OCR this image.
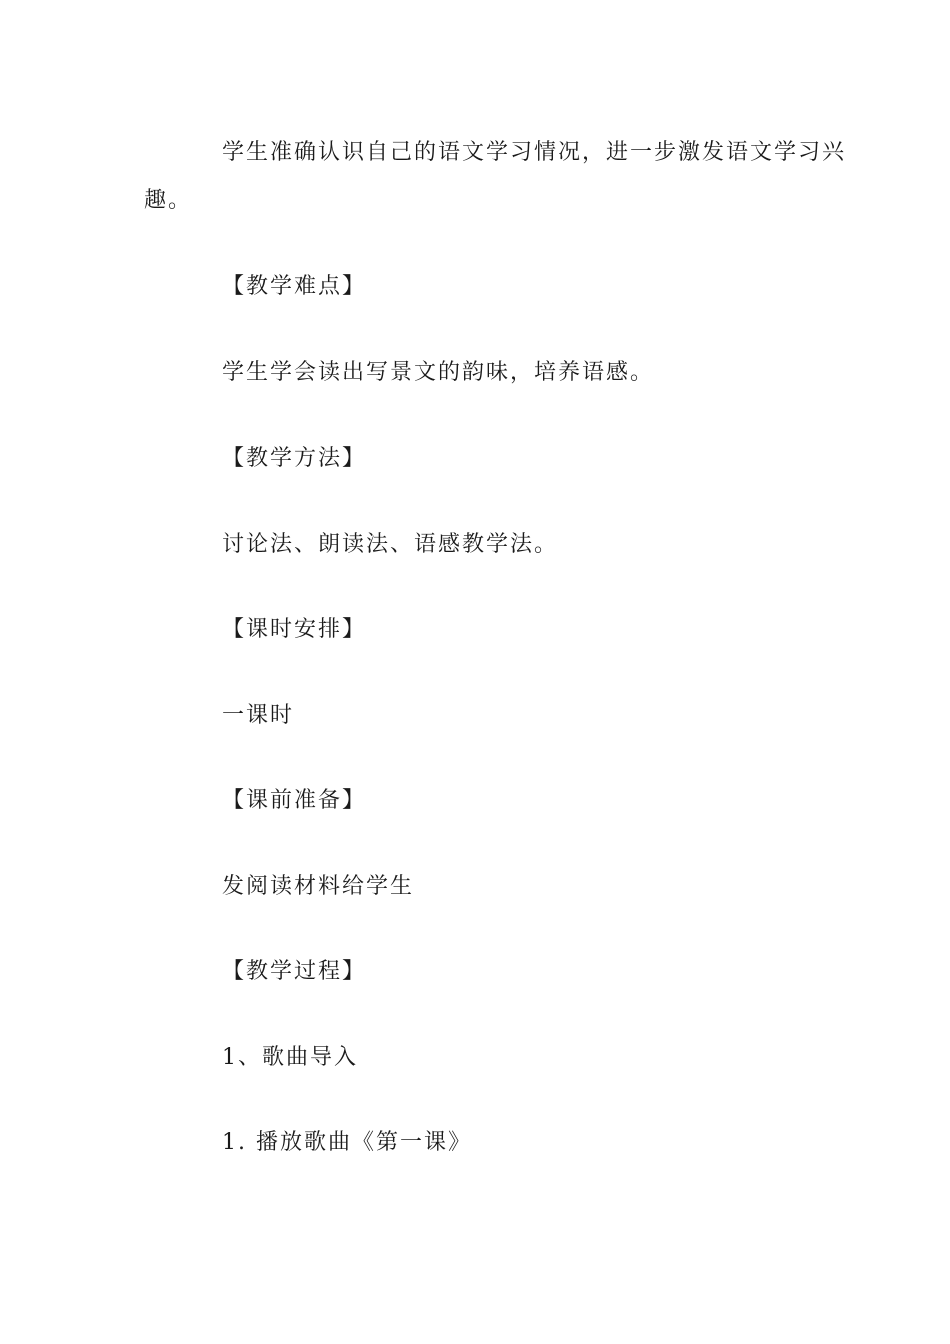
学生准确认识自己的语文学习情况，进一步激发语文学习兴
趣。
【教学难点】
学生学会读出写景文的韵味，培养语感。
【教学方法】
讨论法、朗读法、语感教学法。
【课时安排】
一课时
【课前准备】
发阅读材料给学生
【教学过程】
1、歌曲导入
1. 播放歌曲《第一课》
